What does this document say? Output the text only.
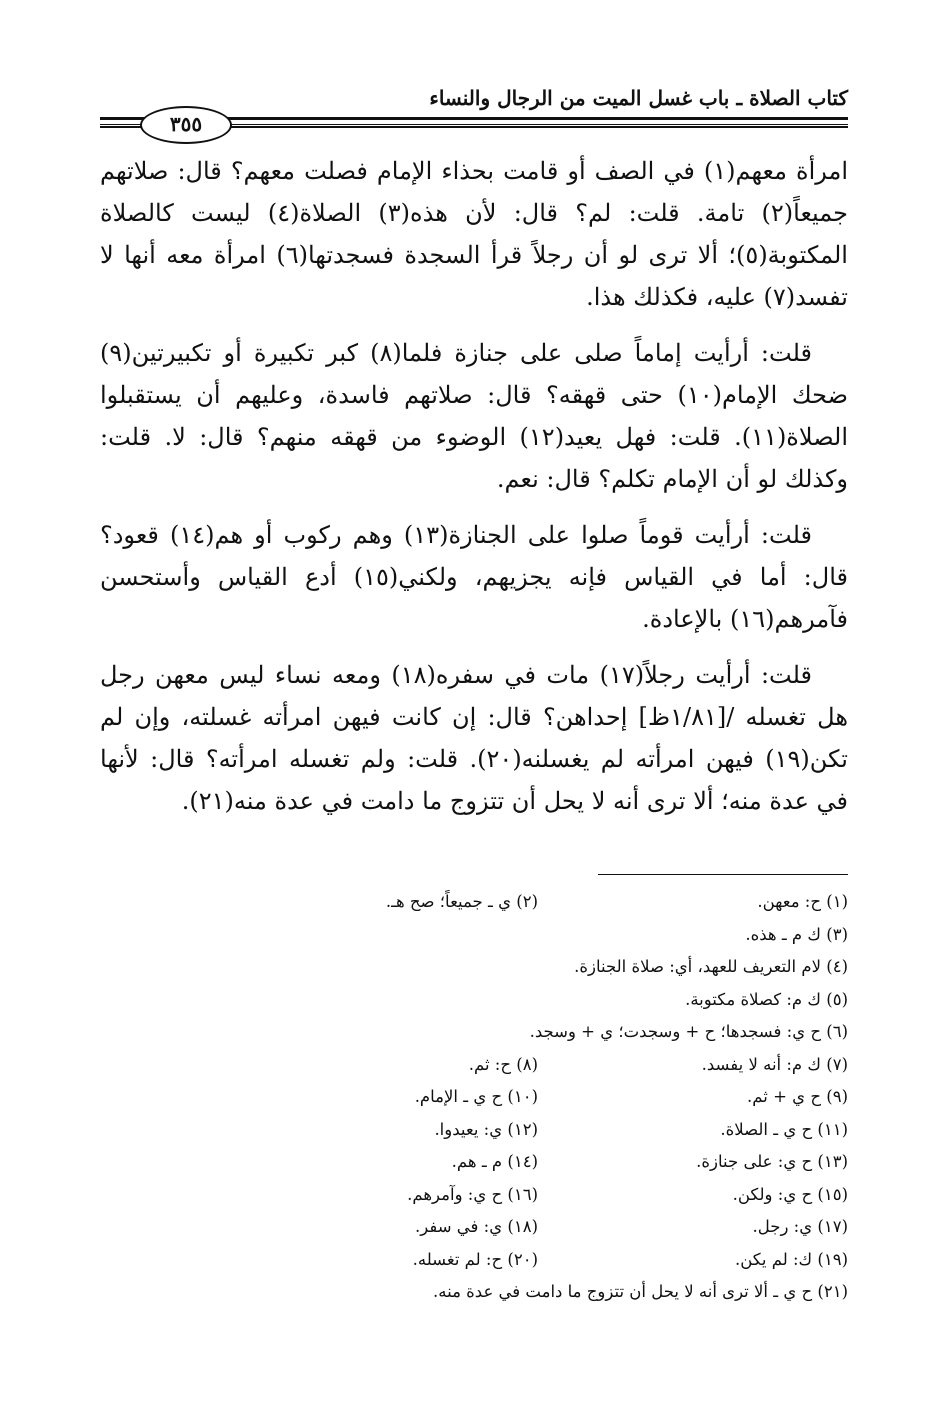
كتاب الصلاة ـ باب غسل الميت من الرجال والنساء
٣٥٥

امرأة معهم(١) في الصف أو قامت بحذاء الإمام فصلت معهم؟ قال: صلاتهم جميعاً(٢) تامة. قلت: لم؟ قال: لأن هذه(٣) الصلاة(٤) ليست كالصلاة المكتوبة(٥)؛ ألا ترى لو أن رجلاً قرأ السجدة فسجدتها(٦) امرأة معه أنها لا تفسد(٧) عليه، فكذلك هذا.

قلت: أرأيت إماماً صلى على جنازة فلما(٨) كبر تكبيرة أو تكبيرتين(٩) ضحك الإمام(١٠) حتى قهقه؟ قال: صلاتهم فاسدة، وعليهم أن يستقبلوا الصلاة(١١). قلت: فهل يعيد(١٢) الوضوء من قهقه منهم؟ قال: لا. قلت: وكذلك لو أن الإمام تكلم؟ قال: نعم.

قلت: أرأيت قوماً صلوا على الجنازة(١٣) وهم ركوب أو هم(١٤) قعود؟ قال: أما في القياس فإنه يجزيهم، ولكني(١٥) أدع القياس وأستحسن فآمرهم(١٦) بالإعادة.

قلت: أرأيت رجلاً(١٧) مات في سفره(١٨) ومعه نساء ليس معهن رجل هل تغسله /[١/٨١ظ] إحداهن؟ قال: إن كانت فيهن امرأته غسلته، وإن لم تكن(١٩) فيهن امرأته لم يغسلنه(٢٠). قلت: ولم تغسله امرأته؟ قال: لأنها في عدة منه؛ ألا ترى أنه لا يحل أن تتزوج ما دامت في عدة منه(٢١).

(١) ح: معهن.
(٢) ي ـ جميعاً؛ صح هـ.
(٣) ك م ـ هذه.
(٤) لام التعريف للعهد، أي: صلاة الجنازة.
(٥) ك م: كصلاة مكتوبة.
(٦) ح ي: فسجدها؛ ح + وسجدت؛ ي + وسجد.
(٧) ك م: أنه لا يفسد.
(٨) ح: ثم.
(٩) ح ي + ثم.
(١٠) ح ي ـ الإمام.
(١١) ح ي ـ الصلاة.
(١٢) ي: يعيدوا.
(١٣) ح ي: على جنازة.
(١٤) م ـ هم.
(١٥) ح ي: ولكن.
(١٦) ح ي: وآمرهم.
(١٧) ي: رجل.
(١٨) ي: في سفر.
(١٩) ك: لم يكن.
(٢٠) ح: لم تغسله.
(٢١) ح ي ـ ألا ترى أنه لا يحل أن تتزوج ما دامت في عدة منه.
